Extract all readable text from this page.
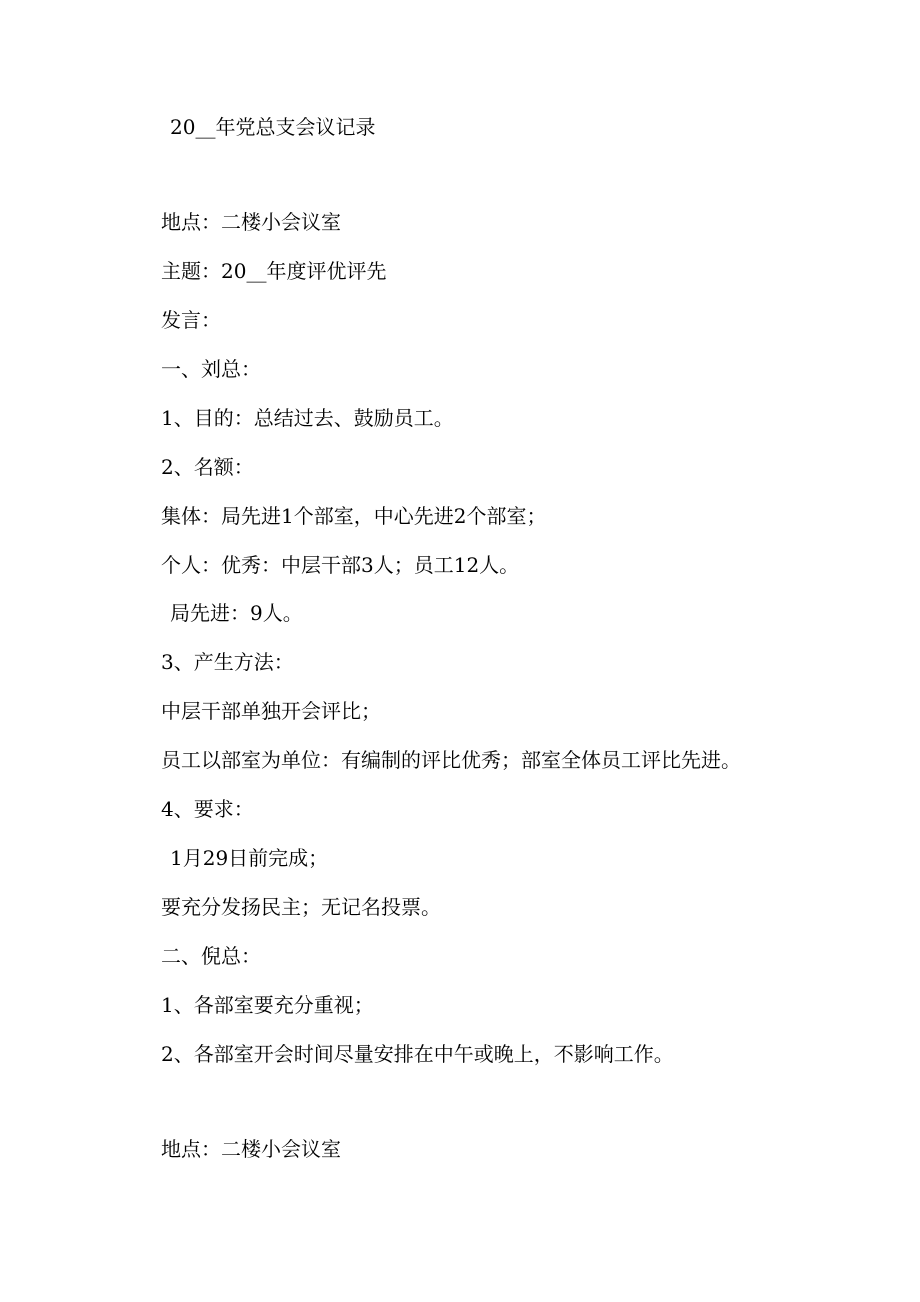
20__年党总支会议记录
地点：二楼小会议室
主题：20__年度评优评先
发言：
一、刘总：
1、目的：总结过去、鼓励员工。
2、名额：
集体：局先进1个部室，中心先进2个部室；
个人：优秀：中层干部3人；员工12人。
局先进：9人。
3、产生方法：
中层干部单独开会评比；
员工以部室为单位：有编制的评比优秀；部室全体员工评比先进。
4、要求：
1月29日前完成；
要充分发扬民主；无记名投票。
二、倪总：
1、各部室要充分重视；
2、各部室开会时间尽量安排在中午或晚上，不影响工作。
地点：二楼小会议室
